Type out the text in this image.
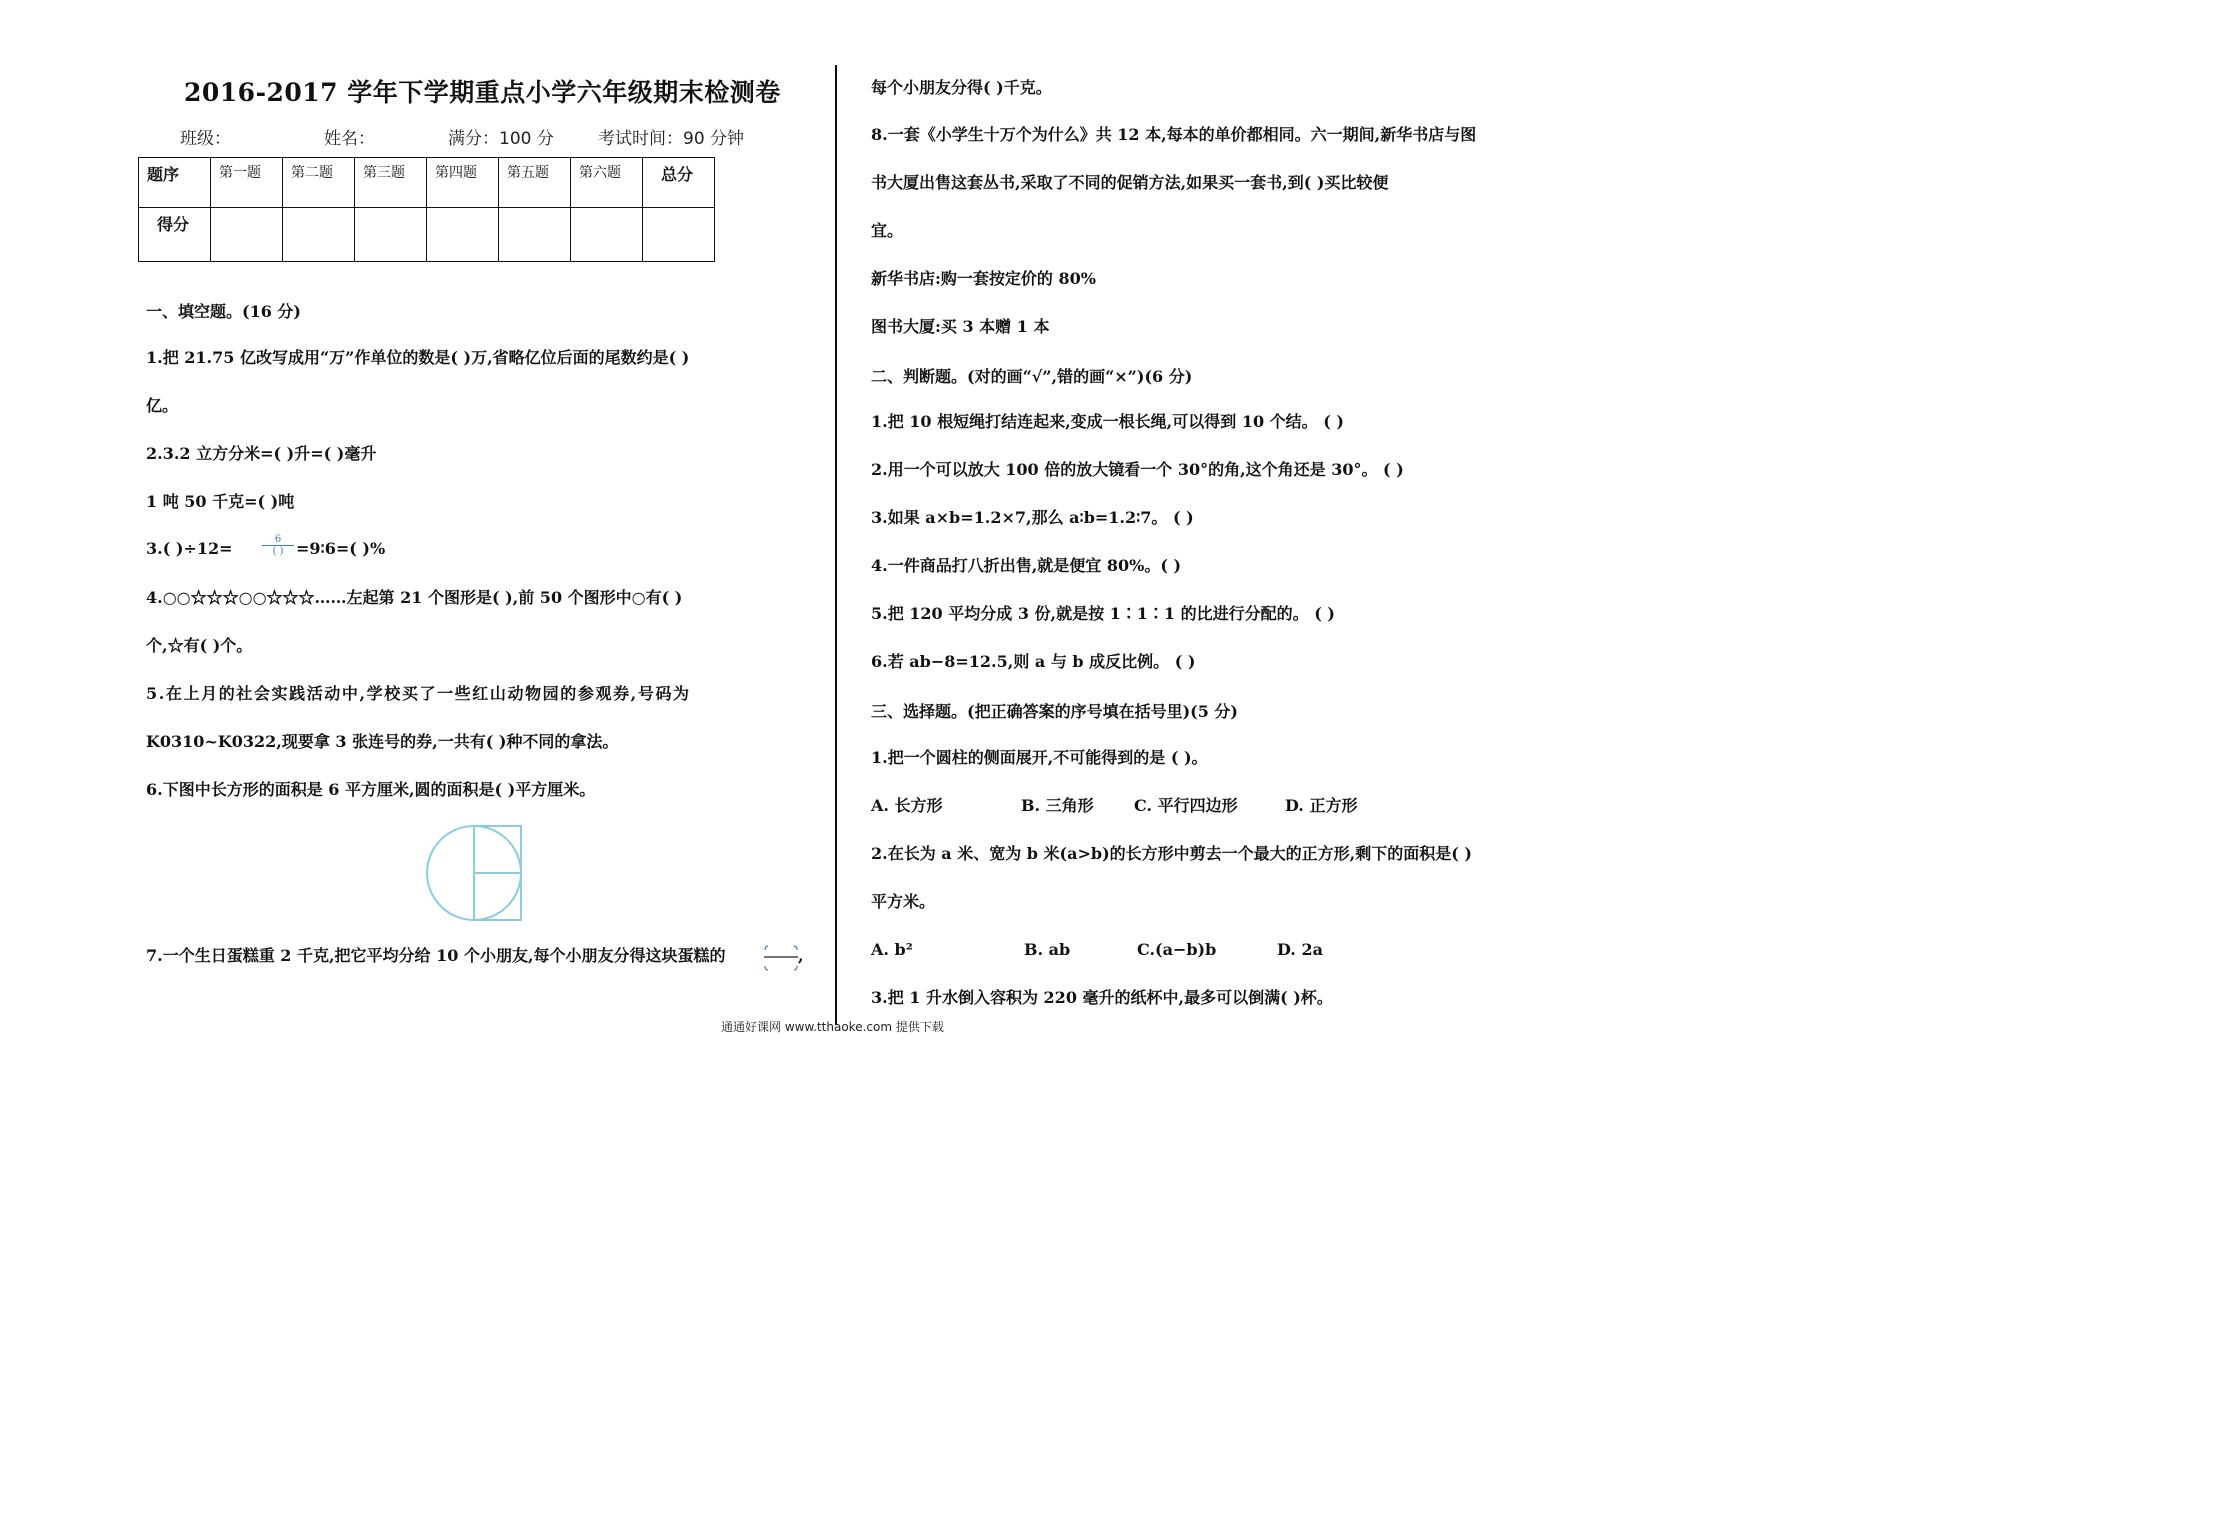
2016-2017 学年下学期重点小学六年级期末检测卷
班级：	姓名：	满分：100 分	考试时间：90 分钟
题序	第一题	第二题	第三题	第四题	第五题	第六题	总分
得分							
一、填空题。(16 分)
1.把 21.75 亿改写成用“万”作单位的数是( )万,省略亿位后面的尾数约是( )
亿。
2.3.2 立方分米=( )升=( )毫升
1 吨 50 千克=( )吨
3.( )÷12=	6
( ) =9∶6=( )%
4.○○☆☆☆○○☆☆☆……左起第 21 个图形是( ),前 50 个图形中○有( )
个,☆有( )个。
5.在上月的社会实践活动中,学校买了一些红山动物园的参观券,号码为
K0310~K0322,现要拿 3 张连号的券,一共有( )种不同的拿法。
6.下图中长方形的面积是 6 平方厘米,圆的面积是( )平方厘米。
7.一个生日蛋糕重 2 千克,把它平均分给 10 个小朋友,每个小朋友分得这块蛋糕的	,
每个小朋友分得( )千克。
8.一套《小学生十万个为什么》共 12 本,每本的单价都相同。六一期间,新华书店与图
书大厦出售这套丛书,采取了不同的促销方法,如果买一套书,到( )买比较便
宜。
新华书店:购一套按定价的 80%
图书大厦:买 3 本赠 1 本
二、判断题。(对的画“√”,错的画“×”)(6 分)
1.把 10 根短绳打结连起来,变成一根长绳,可以得到 10 个结。 ( )
2.用一个可以放大 100 倍的放大镜看一个 30°的角,这个角还是 30°。 ( )
3.如果 a×b=1.2×7,那么 a∶b=1.2∶7。 ( )
4.一件商品打八折出售,就是便宜 80%。( )
5.把 120 平均分成 3 份,就是按 1∶1∶1 的比进行分配的。 ( )
6.若 ab−8=12.5,则 a 与 b 成反比例。 ( )
三、选择题。(把正确答案的序号填在括号里)(5 分)
1.把一个圆柱的侧面展开,不可能得到的是 ( )。
A. 长方形	B. 三角形	C. 平行四边形	D. 正方形
2.在长为 a 米、宽为 b 米(a>b)的长方形中剪去一个最大的正方形,剩下的面积是( )
平方米。
A. b²	B. ab	C.(a−b)b	D. 2a
3.把 1 升水倒入容积为 220 毫升的纸杯中,最多可以倒满( )杯。
通通好课网 www.tthaoke.com 提供下载
